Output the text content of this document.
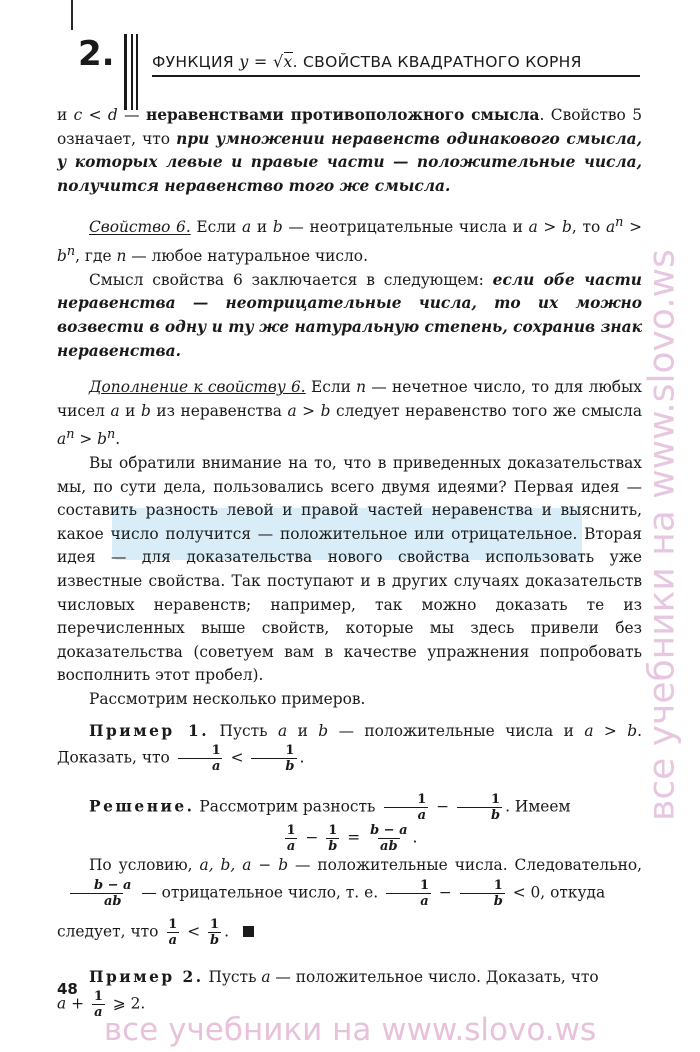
2. ФУНКЦИЯ y = √x. СВОЙСТВА КВАДРАТНОГО КОРНЯ

и c < d — неравенствами противоположного смысла. Свойство 5 означает, что при умножении неравенств одинакового смысла, у которых левые и правые части — положительные числа, получится неравенство того же смысла.

Свойство 6. Если a и b — неотрицательные числа и a > b, то $a^n > b^n$, где n — любое натуральное число.

Смысл свойства 6 заключается в следующем: если обе части неравенства — неотрицательные числа, то их можно возвести в одну и ту же натуральную степень, сохранив знак неравенства.

Дополнение к свойству 6. Если n — нечетное число, то для любых чисел a и b из неравенства a > b следует неравенство того же смысла $a^n > b^n$.

Вы обратили внимание на то, что в приведенных доказательствах мы, по сути дела, пользовались всего двумя идеями? Первая идея — составить разность левой и правой частей неравенства и выяснить, какое число получится — положительное или отрицательное. Вторая идея — для доказательства нового свойства использовать уже известные свойства. Так поступают и в других случаях доказательств числовых неравенств; например, так можно доказать те из перечисленных выше свойств, которые мы здесь привели без доказательства (советуем вам в качестве упражнения попробовать восполнить этот пробел).

Рассмотрим несколько примеров.

Пример 1. Пусть a и b — положительные числа и a > b. Доказать, что $\frac{1}{a} < \frac{1}{b}$ .

Решение. Рассмотрим разность $\frac{1}{a} - \frac{1}{b}$ . Имеем

$\frac{1}{a} - \frac{1}{b} = \frac{b - a}{ab}$ .

По условию, a, b, a − b — положительные числа. Следовательно,
$\frac{b - a}{ab}$ — отрицательное число, т. е. $\frac{1}{a} - \frac{1}{b} < 0$, откуда

следует, что $\frac{1}{a} < \frac{1}{b}$ .

Пример 2. Пусть a — положительное число. Доказать, что

$a + \frac{1}{a}$ ⩾ 2.

48
все учебники на www.slovo.ws
все учебники на www.slovo.ws
